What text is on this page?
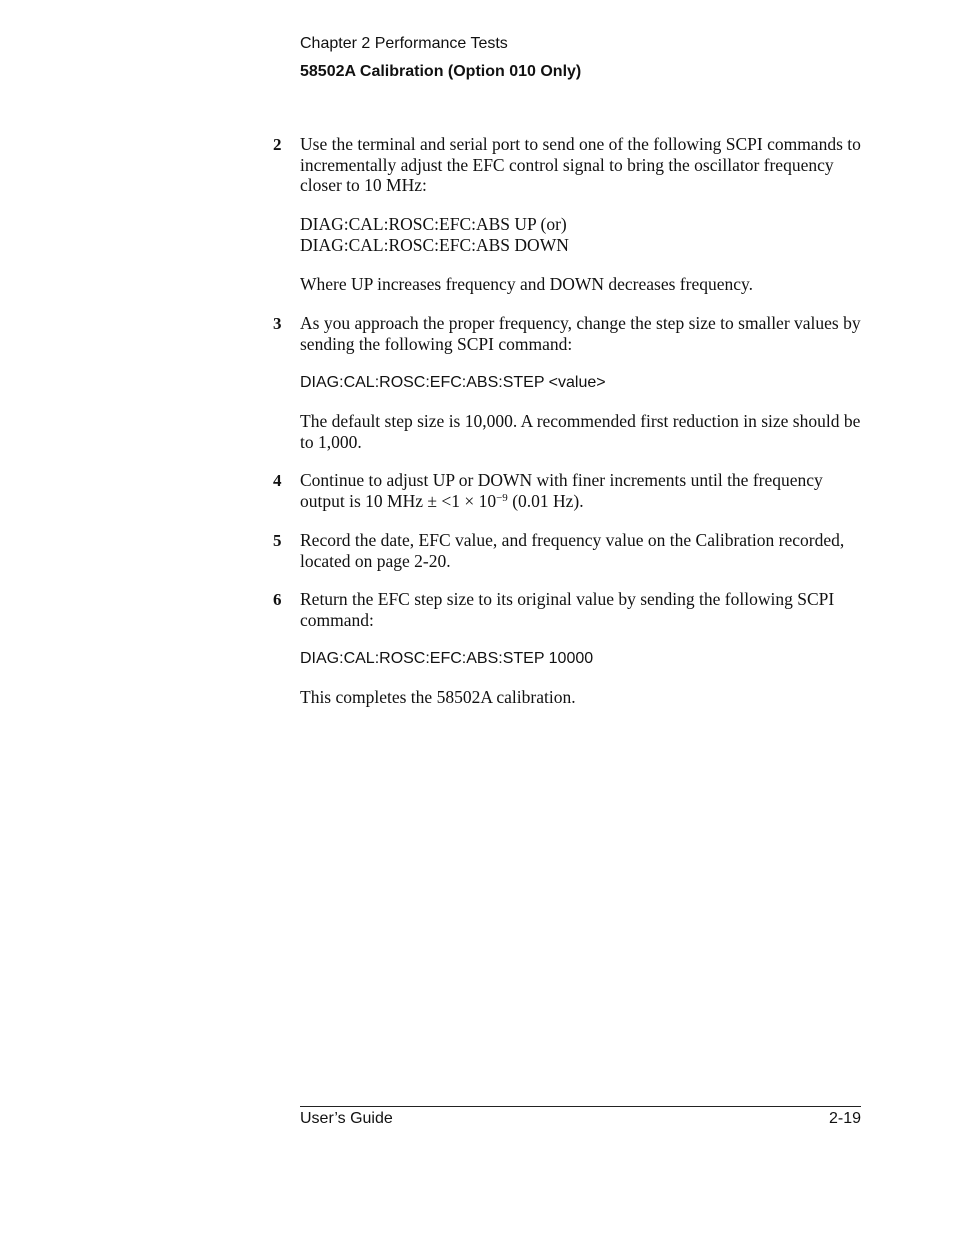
Chapter 2 Performance Tests
58502A Calibration (Option 010 Only)
2 Use the terminal and serial port to send one of the following SCPI commands to incrementally adjust the EFC control signal to bring the oscillator frequency closer to 10 MHz:
DIAG:CAL:ROSC:EFC:ABS UP (or)
DIAG:CAL:ROSC:EFC:ABS DOWN
Where UP increases frequency and DOWN decreases frequency.
3 As you approach the proper frequency, change the step size to smaller values by sending the following SCPI command:
DIAG:CAL:ROSC:EFC:ABS:STEP <value>
The default step size is 10,000. A recommended first reduction in size should be to 1,000.
4 Continue to adjust UP or DOWN with finer increments until the frequency output is 10 MHz ± $<1 \times 10^{-9}$ (0.01 Hz).
5 Record the date, EFC value, and frequency value on the Calibration recorded, located on page 2-20.
6 Return the EFC step size to its original value by sending the following SCPI command:
DIAG:CAL:ROSC:EFC:ABS:STEP 10000
This completes the 58502A calibration.
User’s Guide	2-19
